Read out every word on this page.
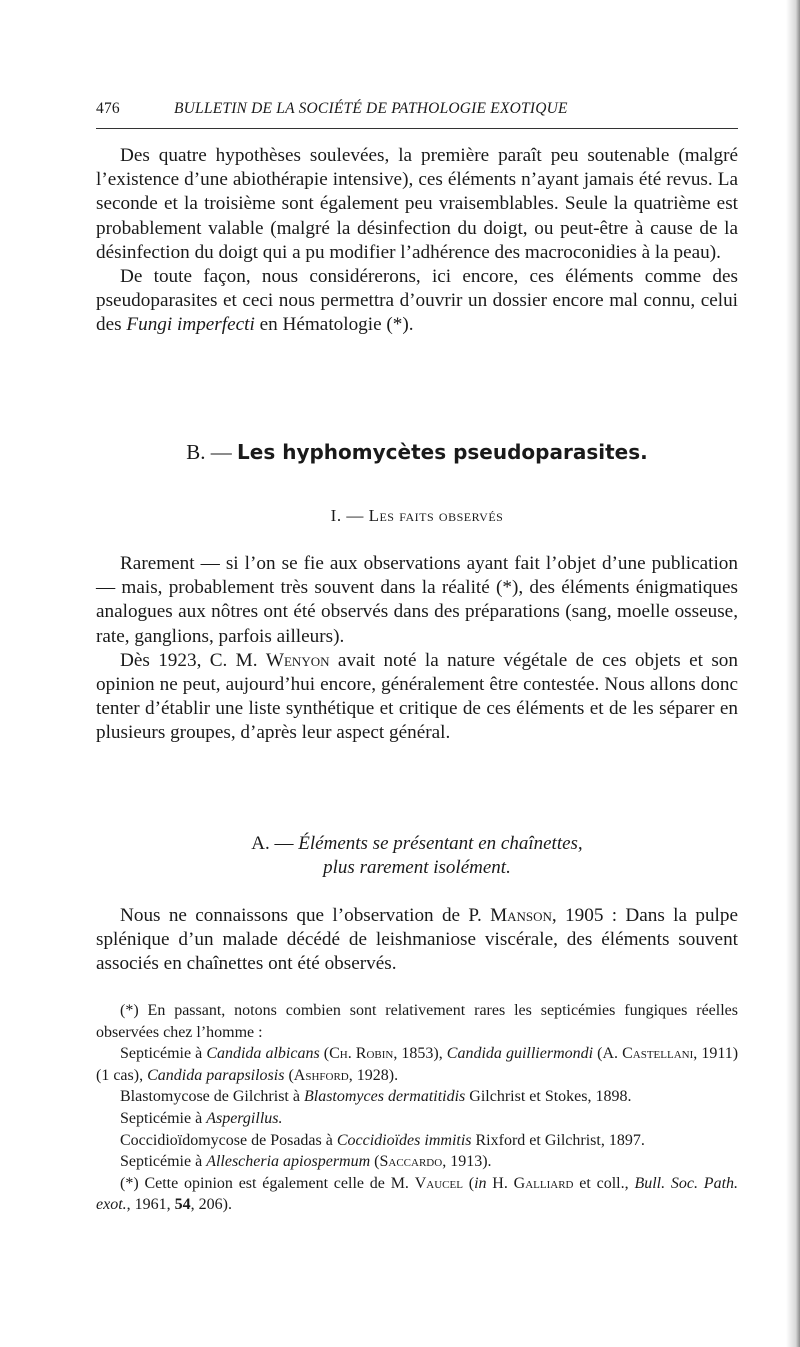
476	BULLETIN DE LA SOCIÉTÉ DE PATHOLOGIE EXOTIQUE

Des quatre hypothèses soulevées, la première paraît peu soutenable (malgré l’existence d’une abiothérapie intensive), ces éléments n’ayant jamais été revus. La seconde et la troisième sont également peu vraisemblables. Seule la quatrième est probablement valable (malgré la désinfection du doigt, ou peut-être à cause de la désinfection du doigt qui a pu modifier l’adhérence des macroconidies à la peau).

De toute façon, nous considérerons, ici encore, ces éléments comme des pseudoparasites et ceci nous permettra d’ouvrir un dossier encore mal connu, celui des Fungi imperfecti en Hématologie (*).

B. — Les hyphomycètes pseudoparasites.
I. — Les faits observés

Rarement — si l’on se fie aux observations ayant fait l’objet d’une publication — mais, probablement très souvent dans la réalité (*), des éléments énigmatiques analogues aux nôtres ont été observés dans des préparations (sang, moelle osseuse, rate, ganglions, parfois ailleurs).

Dès 1923, C. M. Wenyon avait noté la nature végétale de ces objets et son opinion ne peut, aujourd’hui encore, généralement être contestée. Nous allons donc tenter d’établir une liste synthétique et critique de ces éléments et de les séparer en plusieurs groupes, d’après leur aspect général.

A. — Éléments se présentant en chaînettes,
plus rarement isolément.

Nous ne connaissons que l’observation de P. Manson, 1905 : Dans la pulpe splénique d’un malade décédé de leishmaniose viscérale, des éléments souvent associés en chaînettes ont été observés.

(*) En passant, notons combien sont relativement rares les septicémies fungiques réelles observées chez l’homme :

Septicémie à Candida albicans (Ch. Robin, 1853), Candida guilliermondi (A. Castellani, 1911) (1 cas), Candida parapsilosis (Ashford, 1928).

Blastomycose de Gilchrist à Blastomyces dermatitidis Gilchrist et Stokes, 1898.

Septicémie à Aspergillus.

Coccidioïdomycose de Posadas à Coccidioïdes immitis Rixford et Gilchrist, 1897.

Septicémie à Allescheria apiospermum (Saccardo, 1913).

(*) Cette opinion est également celle de M. Vaucel (in H. Galliard et coll., Bull. Soc. Path. exot., 1961, 54, 206).
